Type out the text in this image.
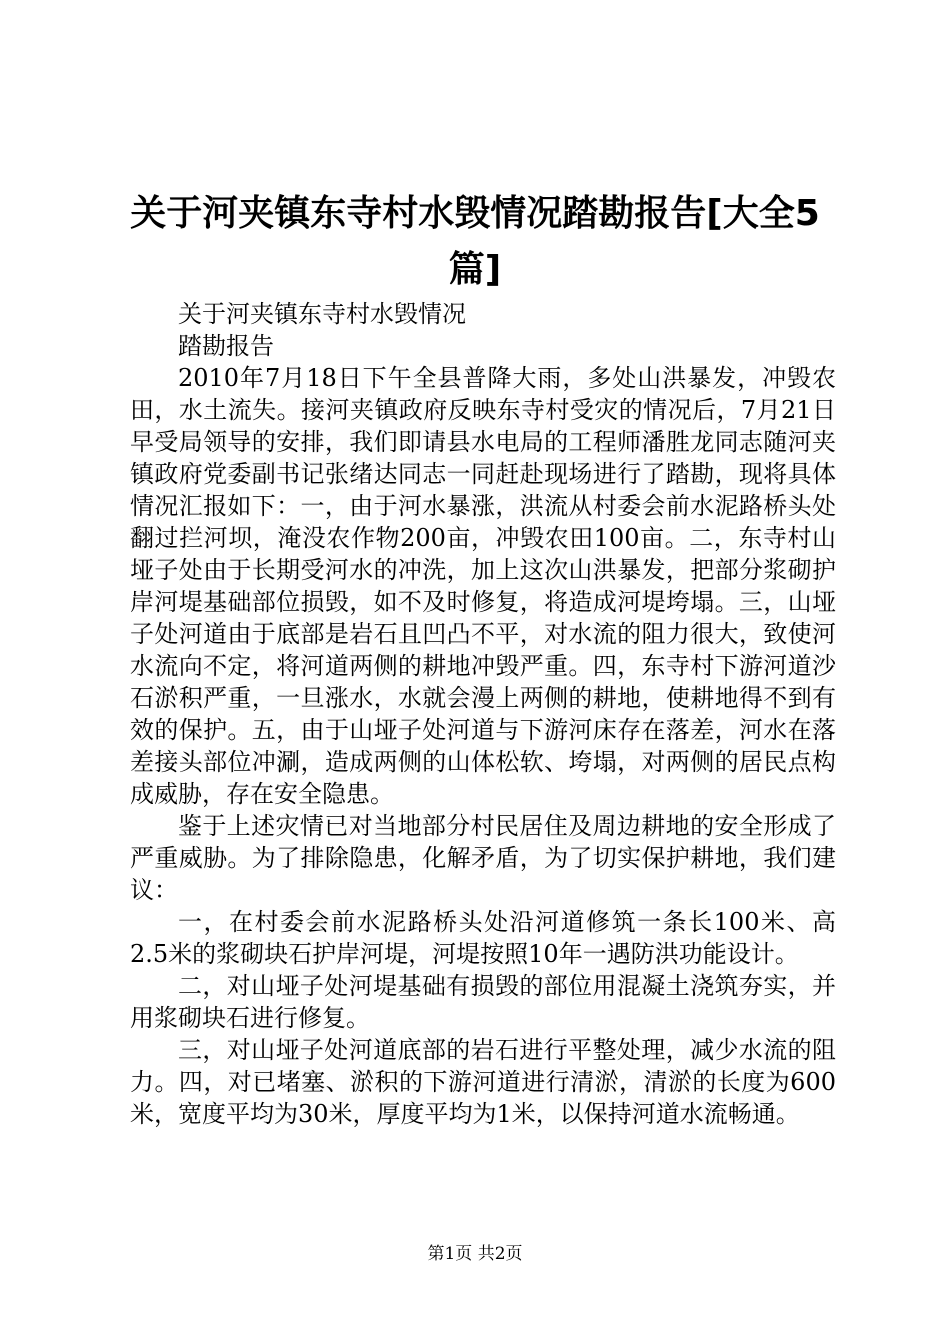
关于河夹镇东寺村水毁情况踏勘报告[大全5篇]

关于河夹镇东寺村水毁情况

踏勘报告

2010年7月18日下午全县普降大雨，多处山洪暴发，冲毁农田，水土流失。接河夹镇政府反映东寺村受灾的情况后，7月21日早受局领导的安排，我们即请县水电局的工程师潘胜龙同志随河夹镇政府党委副书记张绪达同志一同赶赴现场进行了踏勘，现将具体情况汇报如下：一，由于河水暴涨，洪流从村委会前水泥路桥头处翻过拦河坝，淹没农作物200亩，冲毁农田100亩。二，东寺村山垭子处由于长期受河水的冲洗，加上这次山洪暴发，把部分浆砌护岸河堤基础部位损毁，如不及时修复，将造成河堤垮塌。三，山垭子处河道由于底部是岩石且凹凸不平，对水流的阻力很大，致使河水流向不定，将河道两侧的耕地冲毁严重。四，东寺村下游河道沙石淤积严重，一旦涨水，水就会漫上两侧的耕地，使耕地得不到有效的保护。五，由于山垭子处河道与下游河床存在落差，河水在落差接头部位冲涮，造成两侧的山体松软、垮塌，对两侧的居民点构成威胁，存在安全隐患。

鉴于上述灾情已对当地部分村民居住及周边耕地的安全形成了严重威胁。为了排除隐患，化解矛盾，为了切实保护耕地，我们建议：

一，在村委会前水泥路桥头处沿河道修筑一条长100米、高2.5米的浆砌块石护岸河堤，河堤按照10年一遇防洪功能设计。

二，对山垭子处河堤基础有损毁的部位用混凝土浇筑夯实，并用浆砌块石进行修复。

三，对山垭子处河道底部的岩石进行平整处理，减少水流的阻力。四，对已堵塞、淤积的下游河道进行清淤，清淤的长度为600米，宽度平均为30米，厚度平均为1米，以保持河道水流畅通。

第1页 共2页
